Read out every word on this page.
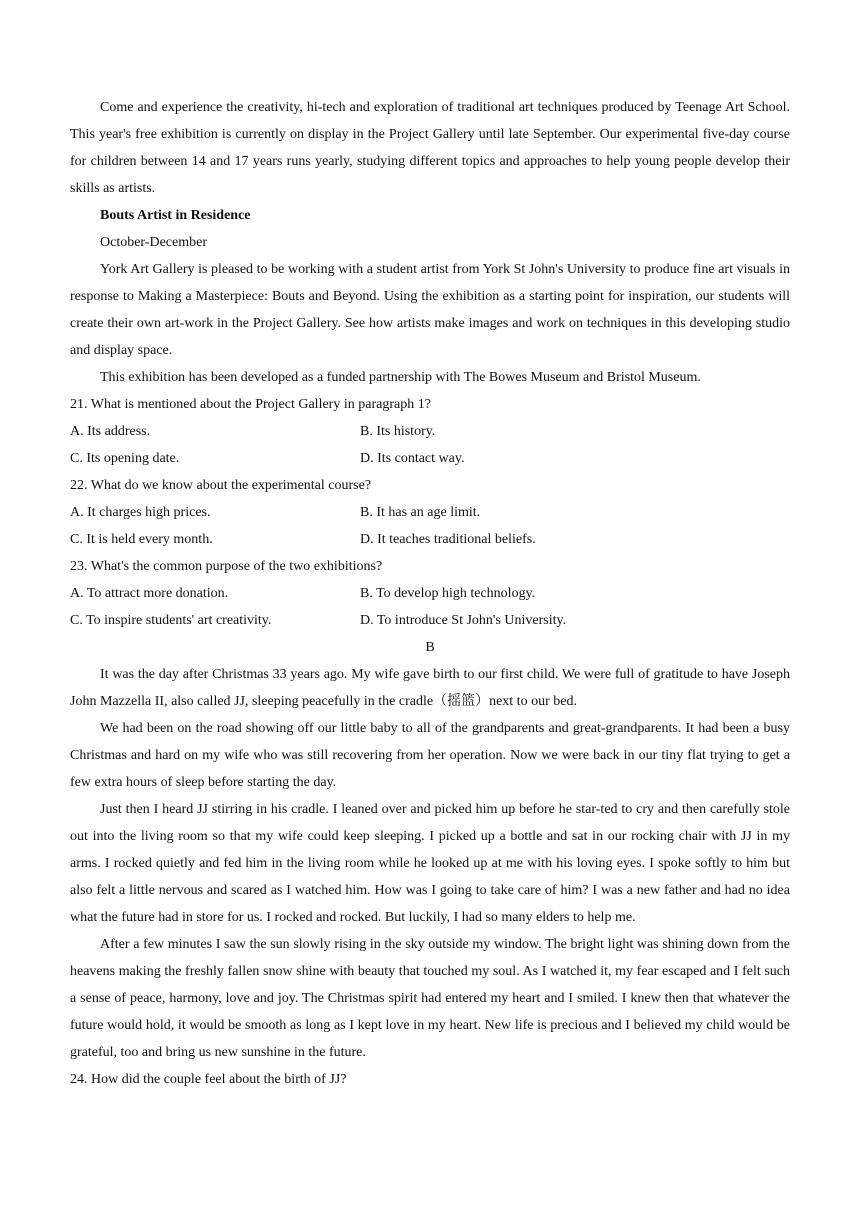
Come and experience the creativity, hi-tech and exploration of traditional art techniques produced by Teenage Art School. This year's free exhibition is currently on display in the Project Gallery until late September. Our experimental five-day course for children between 14 and 17 years runs yearly, studying different topics and approaches to help young people develop their skills as artists.

Bouts Artist in Residence

October-December

York Art Gallery is pleased to be working with a student artist from York St John's University to produce fine art visuals in response to Making a Masterpiece: Bouts and Beyond. Using the exhibition as a starting point for inspiration, our students will create their own art-work in the Project Gallery. See how artists make images and work on techniques in this developing studio and display space.

This exhibition has been developed as a funded partnership with The Bowes Museum and Bristol Museum.

21. What is mentioned about the Project Gallery in paragraph 1?

A. Its address.	B. Its history.
C. Its opening date.	D. Its contact way.

22. What do we know about the experimental course?

A. It charges high prices.	B. It has an age limit.
C. It is held every month.	D. It teaches traditional beliefs.

23. What's the common purpose of the two exhibitions?

A. To attract more donation.	B. To develop high technology.
C. To inspire students' art creativity.	D. To introduce St John's University.

B

It was the day after Christmas 33 years ago. My wife gave birth to our first child. We were full of gratitude to have Joseph John Mazzella II, also called JJ, sleeping peacefully in the cradle（摇篮）next to our bed.

We had been on the road showing off our little baby to all of the grandparents and great-grandparents. It had been a busy Christmas and hard on my wife who was still recovering from her operation. Now we were back in our tiny flat trying to get a few extra hours of sleep before starting the day.

Just then I heard JJ stirring in his cradle. I leaned over and picked him up before he star-ted to cry and then carefully stole out into the living room so that my wife could keep sleeping. I picked up a bottle and sat in our rocking chair with JJ in my arms. I rocked quietly and fed him in the living room while he looked up at me with his loving eyes. I spoke softly to him but also felt a little nervous and scared as I watched him. How was I going to take care of him? I was a new father and had no idea what the future had in store for us. I rocked and rocked. But luckily, I had so many elders to help me.

After a few minutes I saw the sun slowly rising in the sky outside my window. The bright light was shining down from the heavens making the freshly fallen snow shine with beauty that touched my soul. As I watched it, my fear escaped and I felt such a sense of peace, harmony, love and joy. The Christmas spirit had entered my heart and I smiled. I knew then that whatever the future would hold, it would be smooth as long as I kept love in my heart. New life is precious and I believed my child would be grateful, too and bring us new sunshine in the future.

24. How did the couple feel about the birth of JJ?
